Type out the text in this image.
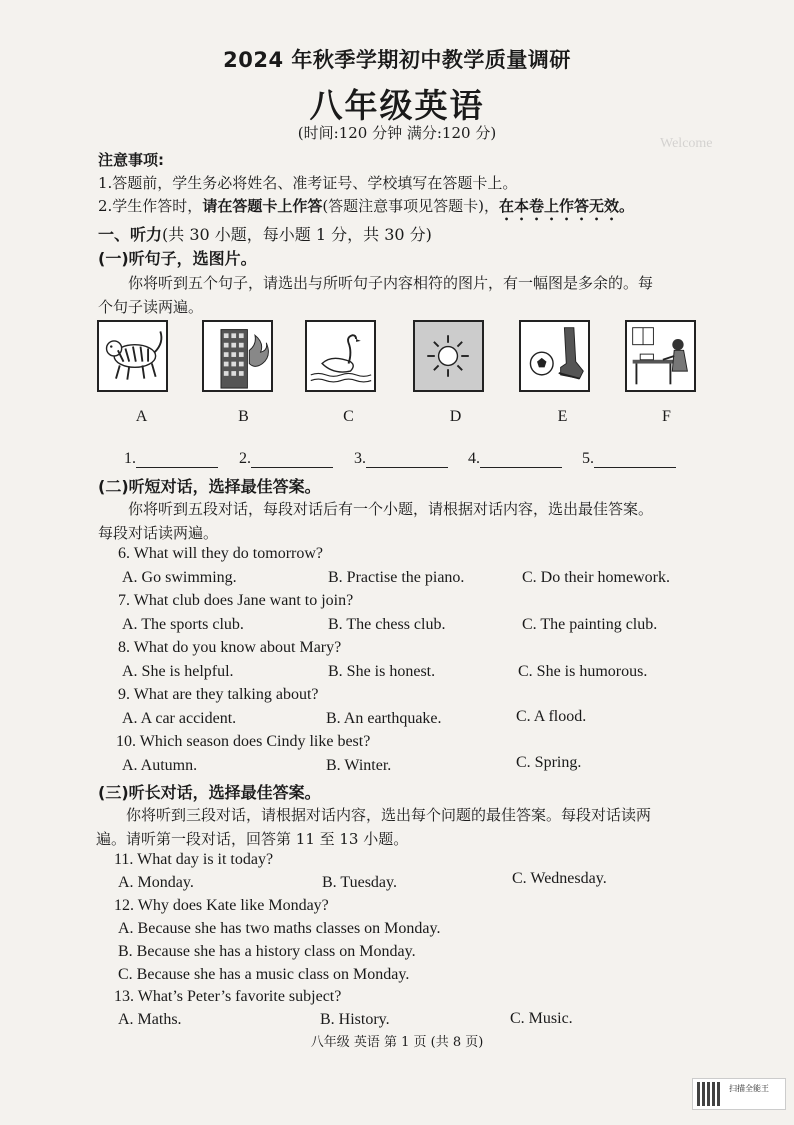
Welcome
2024 年秋季学期初中教学质量调研
八年级英语
(时间:120 分钟 满分:120 分)
注意事项:
1.答题前，学生务必将姓名、准考证号、学校填写在答题卡上。
2.学生作答时，请在答题卡上作答(答题注意事项见答题卡)，在本卷上作答无效。
一、听力(共 30 小题，每小题 1 分，共 30 分)
(一)听句子，选图片。
你将听到五个句子，请选出与所听句子内容相符的图片，有一幅图是多余的。每
个句子读两遍。
A	B	C	D	E	F
1.	2.	3.	4.	5.
(二)听短对话，选择最佳答案。
你将听到五段对话，每段对话后有一个小题，请根据对话内容，选出最佳答案。
每段对话读两遍。
6. What will they do tomorrow?
A. Go swimming.	B. Practise the piano.	C. Do their homework.
7. What club does Jane want to join?
A. The sports club.	B. The chess club.	C. The painting club.
8. What do you know about Mary?
A. She is helpful.	B. She is honest.	C. She is humorous.
9. What are they talking about?
A. A car accident.	B. An earthquake.	C. A flood.
10. Which season does Cindy like best?
A. Autumn.	B. Winter.	C. Spring.
(三)听长对话，选择最佳答案。
你将听到三段对话，请根据对话内容，选出每个问题的最佳答案。每段对话读两
遍。请听第一段对话，回答第 11 至 13 小题。
11. What day is it today?
A. Monday.	B. Tuesday.	C. Wednesday.
12. Why does Kate like Monday?
A. Because she has two maths classes on Monday.
B. Because she has a history class on Monday.
C. Because she has a music class on Monday.
13. What’s Peter’s favorite subject?
A. Maths.	B. History.	C. Music.
八年级 英语 第 1 页 (共 8 页)
扫描全能王
